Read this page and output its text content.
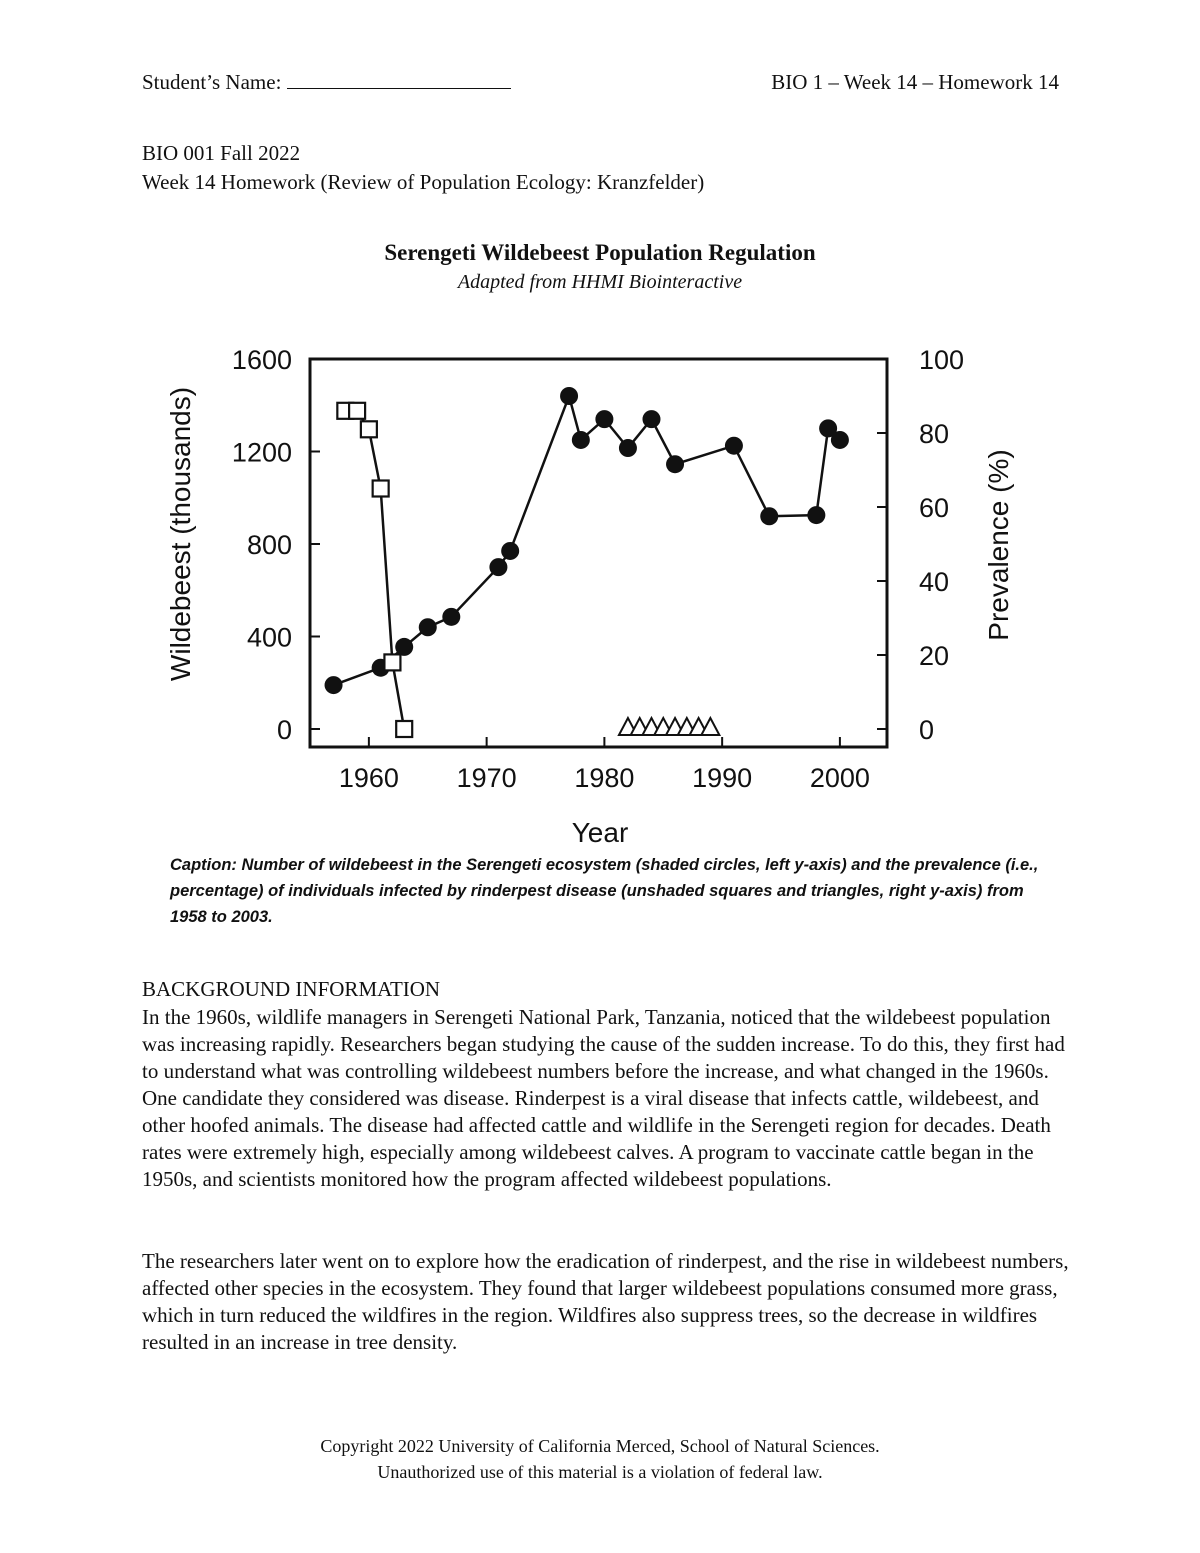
Student’s Name:	BIO 1 – Week 14 – Homework 14
BIO 001 Fall 2022
Week 14 Homework (Review of Population Ecology: Kranzfelder)
Serengeti Wildebeest Population Regulation
Adapted from HHMI Biointeractive
1960 1970 1980 1990 2000
0
400
800
1200
1600
0
20
40
60
80
100
Wildebeest (thousands)	Prevalence (%)
Year
Caption: Number of wildebeest in the Serengeti ecosystem (shaded circles, left y-axis) and the prevalence (i.e., percentage) of individuals infected by rinderpest disease (unshaded squares and triangles, right y-axis) from 1958 to 2003.
BACKGROUND INFORMATION
In the 1960s, wildlife managers in Serengeti National Park, Tanzania, noticed that the wildebeest population was increasing rapidly. Researchers began studying the cause of the sudden increase. To do this, they first had to understand what was controlling wildebeest numbers before the increase, and what changed in the 1960s. One candidate they considered was disease. Rinderpest is a viral disease that infects cattle, wildebeest, and other hoofed animals. The disease had affected cattle and wildlife in the Serengeti region for decades. Death rates were extremely high, especially among wildebeest calves. A program to vaccinate cattle began in the 1950s, and scientists monitored how the program affected wildebeest populations.
The researchers later went on to explore how the eradication of rinderpest, and the rise in wildebeest numbers, affected other species in the ecosystem. They found that larger wildebeest populations consumed more grass, which in turn reduced the wildfires in the region. Wildfires also suppress trees, so the decrease in wildfires resulted in an increase in tree density.
Copyright 2022 University of California Merced, School of Natural Sciences.
Unauthorized use of this material is a violation of federal law.
